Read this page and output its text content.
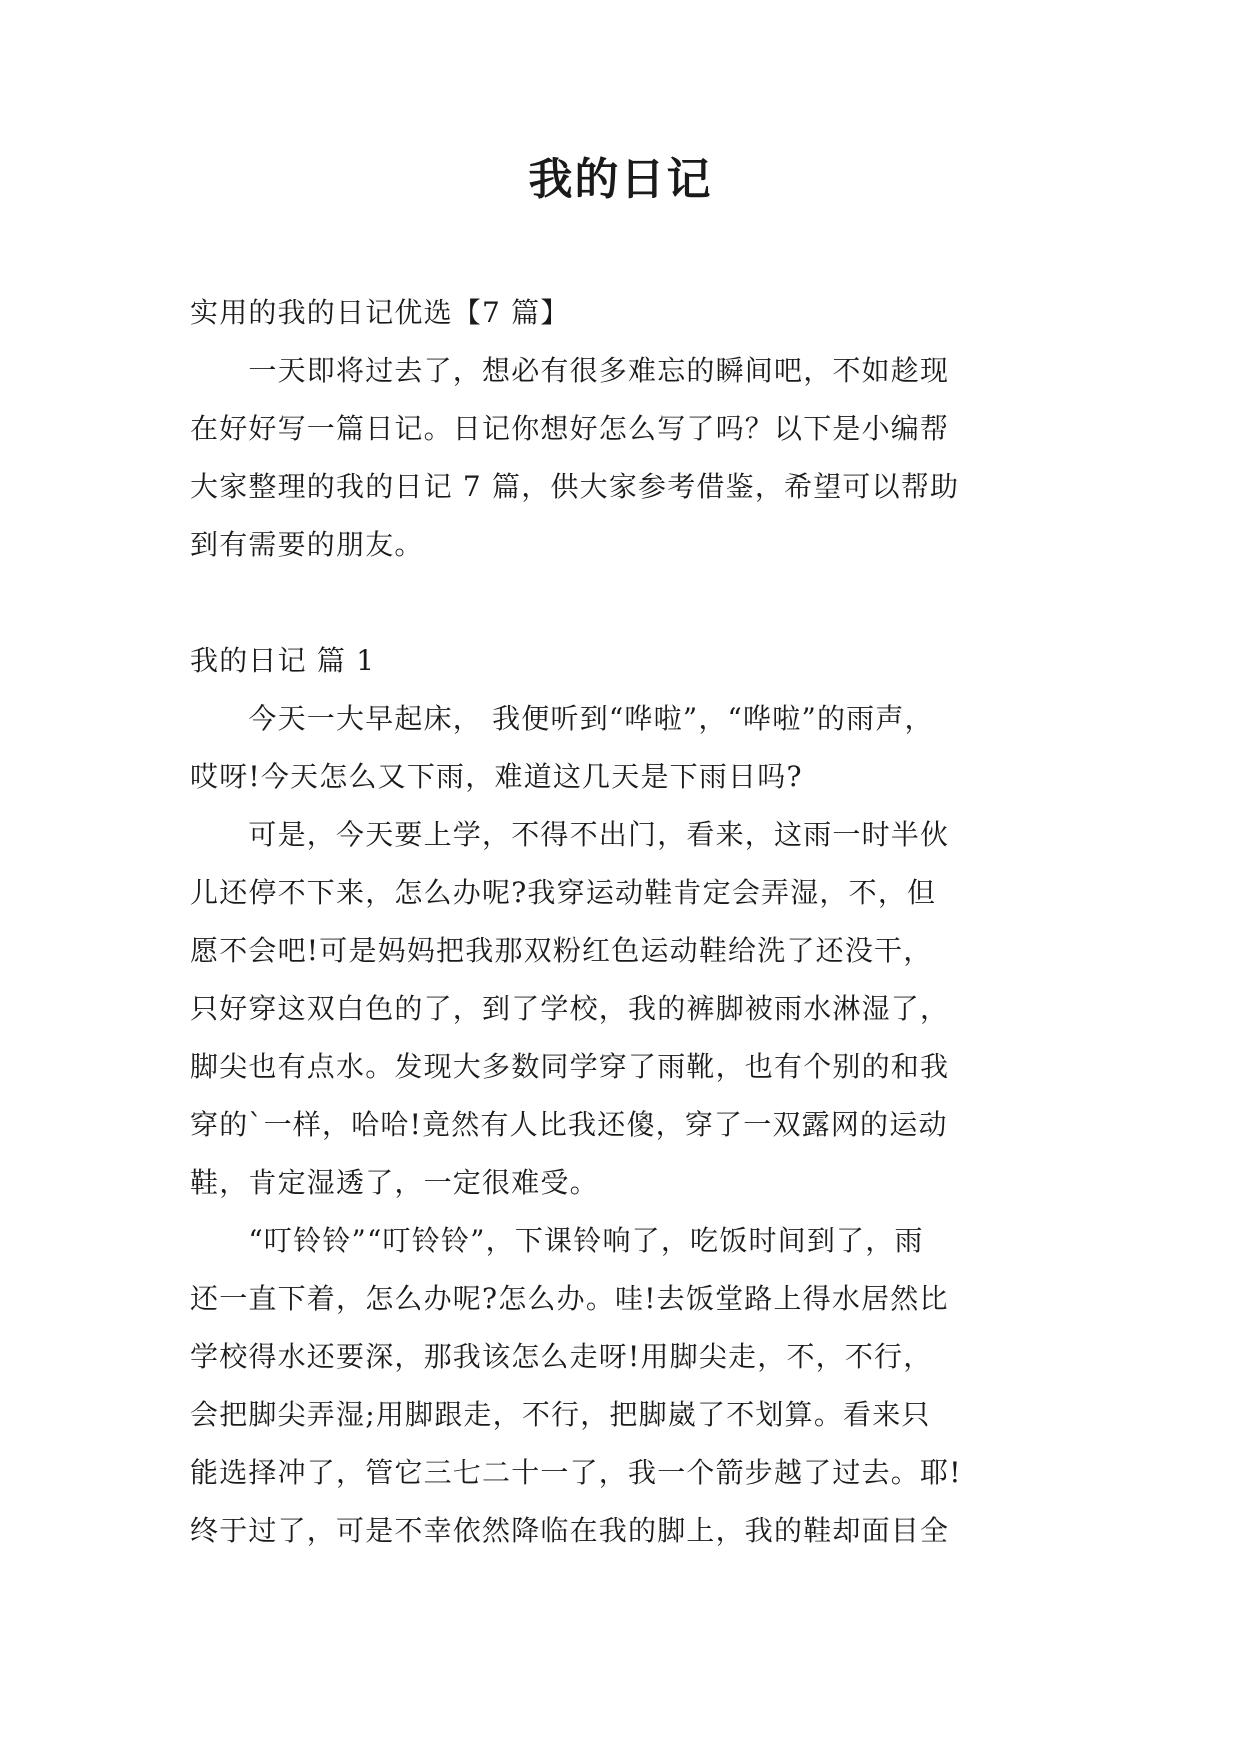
我的日记
实用的我的日记优选【7 篇】
　　一天即将过去了，想必有很多难忘的瞬间吧，不如趁现
在好好写一篇日记。日记你想好怎么写了吗？以下是小编帮
大家整理的我的日记 7 篇，供大家参考借鉴，希望可以帮助
到有需要的朋友。
我的日记 篇 1
　　今天一大早起床， 我便听到“哗啦”，“哗啦”的雨声，
哎呀!今天怎么又下雨，难道这几天是下雨日吗?
　　可是，今天要上学，不得不出门，看来，这雨一时半伙
儿还停不下来，怎么办呢?我穿运动鞋肯定会弄湿，不，但
愿不会吧!可是妈妈把我那双粉红色运动鞋给洗了还没干，
只好穿这双白色的了，到了学校，我的裤脚被雨水淋湿了，
脚尖也有点水。发现大多数同学穿了雨靴，也有个别的和我
穿的`一样，哈哈!竟然有人比我还傻，穿了一双露网的运动
鞋，肯定湿透了，一定很难受。
　　“叮铃铃”“叮铃铃”，下课铃响了，吃饭时间到了，雨
还一直下着，怎么办呢?怎么办。哇!去饭堂路上得水居然比
学校得水还要深，那我该怎么走呀!用脚尖走，不，不行，
会把脚尖弄湿;用脚跟走，不行，把脚崴了不划算。看来只
能选择冲了，管它三七二十一了，我一个箭步越了过去。耶!
终于过了，可是不幸依然降临在我的脚上，我的鞋却面目全
